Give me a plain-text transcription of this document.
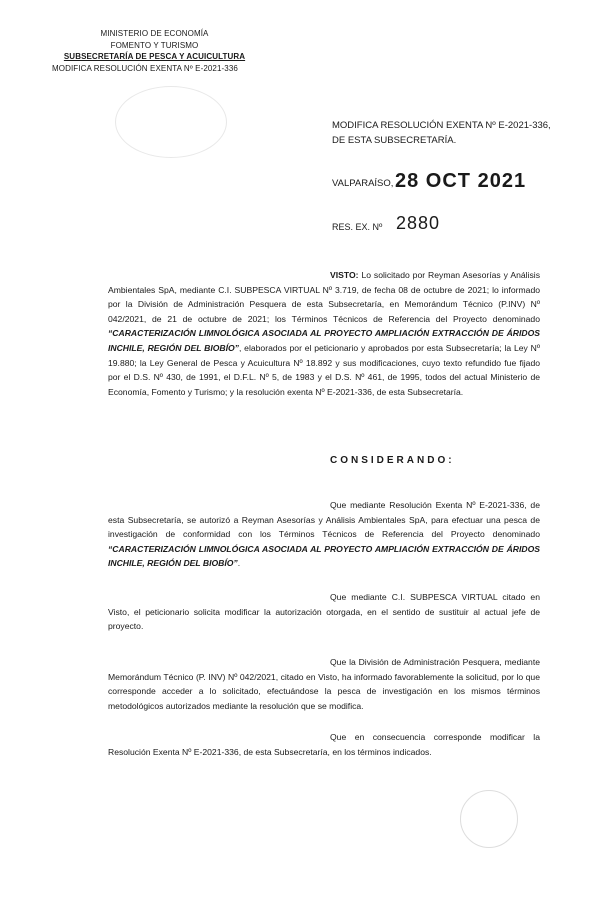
MINISTERIO DE ECONOMÍA
FOMENTO Y TURISMO
SUBSECRETARÍA DE PESCA Y ACUICULTURA
MODIFICA RESOLUCIÓN EXENTA Nº E-2021-336
MODIFICA RESOLUCIÓN EXENTA Nº E-2021-336,
DE ESTA SUBSECRETARÍA.
VALPARAÍSO, 28 OCT 2021
RES. EX. Nº 2880
VISTO: Lo solicitado por Reyman Asesorías y Análisis Ambientales SpA, mediante C.I. SUBPESCA VIRTUAL Nº 3.719, de fecha 08 de octubre de 2021; lo informado por la División de Administración Pesquera de esta Subsecretaría, en Memorándum Técnico (P.INV) Nº 042/2021, de 21 de octubre de 2021; los Términos Técnicos de Referencia del Proyecto denominado “CARACTERIZACIÓN LIMNOLÓGICA ASOCIADA AL PROYECTO AMPLIACIÓN EXTRACCIÓN DE ÁRIDOS INCHILE, REGIÓN DEL BIOBÍO”, elaborados por el peticionario y aprobados por esta Subsecretaría; la Ley Nº 19.880; la Ley General de Pesca y Acuicultura Nº 18.892 y sus modificaciones, cuyo texto refundido fue fijado por el D.S. Nº 430, de 1991, el D.F.L. Nº 5, de 1983 y el D.S. Nº 461, de 1995, todos del actual Ministerio de Economía, Fomento y Turismo; y la resolución exenta Nº E-2021-336, de esta Subsecretaría.
CONSIDERANDO:
Que mediante Resolución Exenta Nº E-2021-336, de esta Subsecretaría, se autorizó a Reyman Asesorías y Análisis Ambientales SpA, para efectuar una pesca de investigación de conformidad con los Términos Técnicos de Referencia del Proyecto denominado “CARACTERIZACIÓN LIMNOLÓGICA ASOCIADA AL PROYECTO AMPLIACIÓN EXTRACCIÓN DE ÁRIDOS INCHILE, REGIÓN DEL BIOBÍO”.
Que mediante C.I. SUBPESCA VIRTUAL citado en Visto, el peticionario solicita modificar la autorización otorgada, en el sentido de sustituir al actual jefe de proyecto.
Que la División de Administración Pesquera, mediante Memorándum Técnico (P. INV) Nº 042/2021, citado en Visto, ha informado favorablemente la solicitud, por lo que corresponde acceder a lo solicitado, efectuándose la pesca de investigación en los mismos términos metodológicos autorizados mediante la resolución que se modifica.
Que en consecuencia corresponde modificar la Resolución Exenta Nº E-2021-336, de esta Subsecretaría, en los términos indicados.
